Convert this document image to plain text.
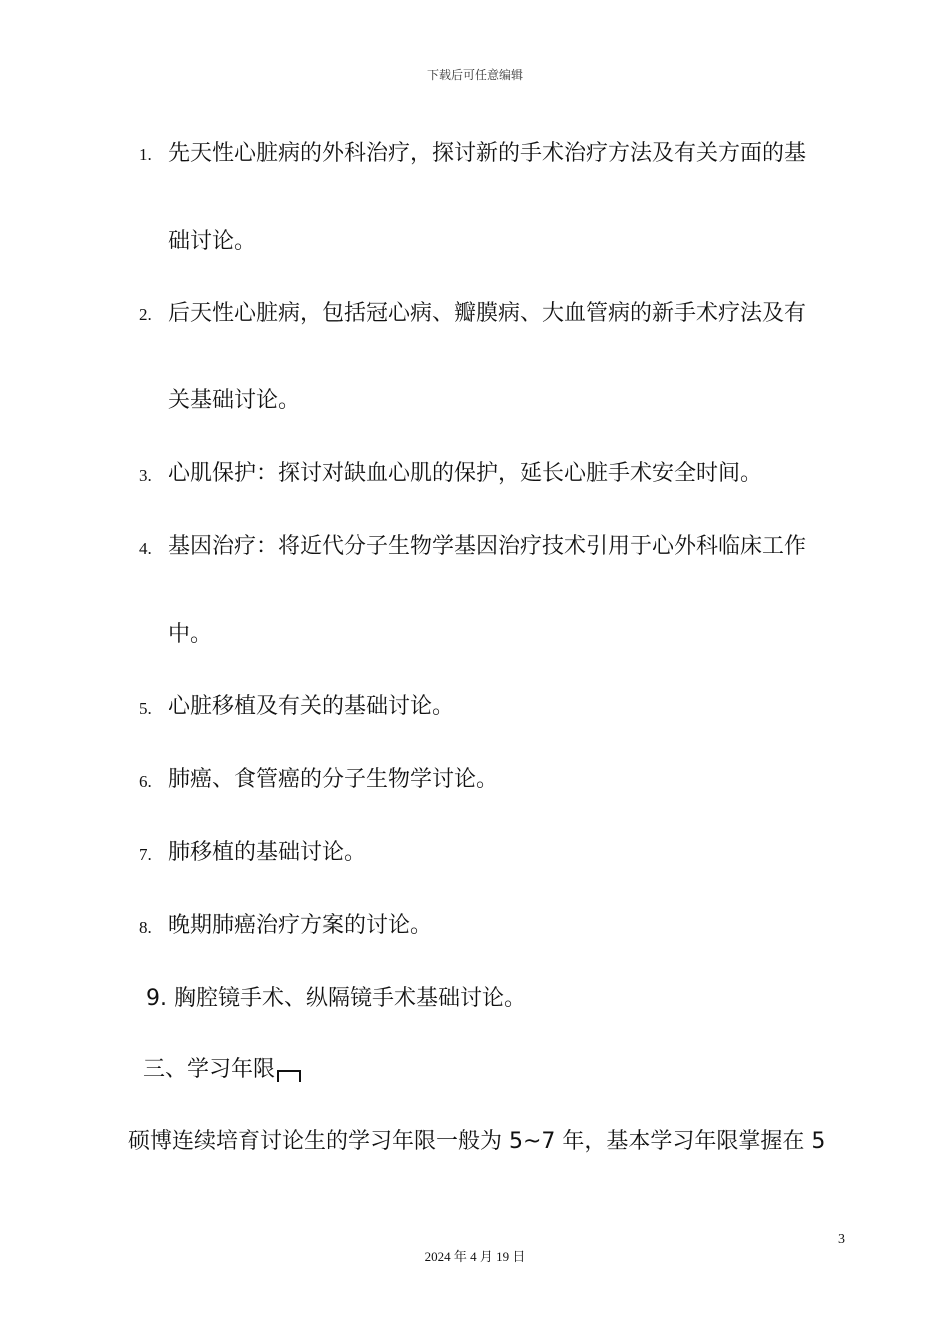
下载后可任意编辑
1. 先天性心脏病的外科治疗，探讨新的手术治疗方法及有关方面的基
础讨论。
2. 后天性心脏病，包括冠心病、瓣膜病、大血管病的新手术疗法及有
关基础讨论。
3. 心肌保护：探讨对缺血心肌的保护，延长心脏手术安全时间。
4. 基因治疗：将近代分子生物学基因治疗技术引用于心外科临床工作
中。
5. 心脏移植及有关的基础讨论。
6. 肺癌、食管癌的分子生物学讨论。
7. 肺移植的基础讨论。
8. 晚期肺癌治疗方案的讨论。
9. 胸腔镜手术、纵隔镜手术基础讨论。
三、学习年限
硕博连续培育讨论生的学习年限一般为 5~7 年，基本学习年限掌握在 5
3
2024 年 4 月 19 日
